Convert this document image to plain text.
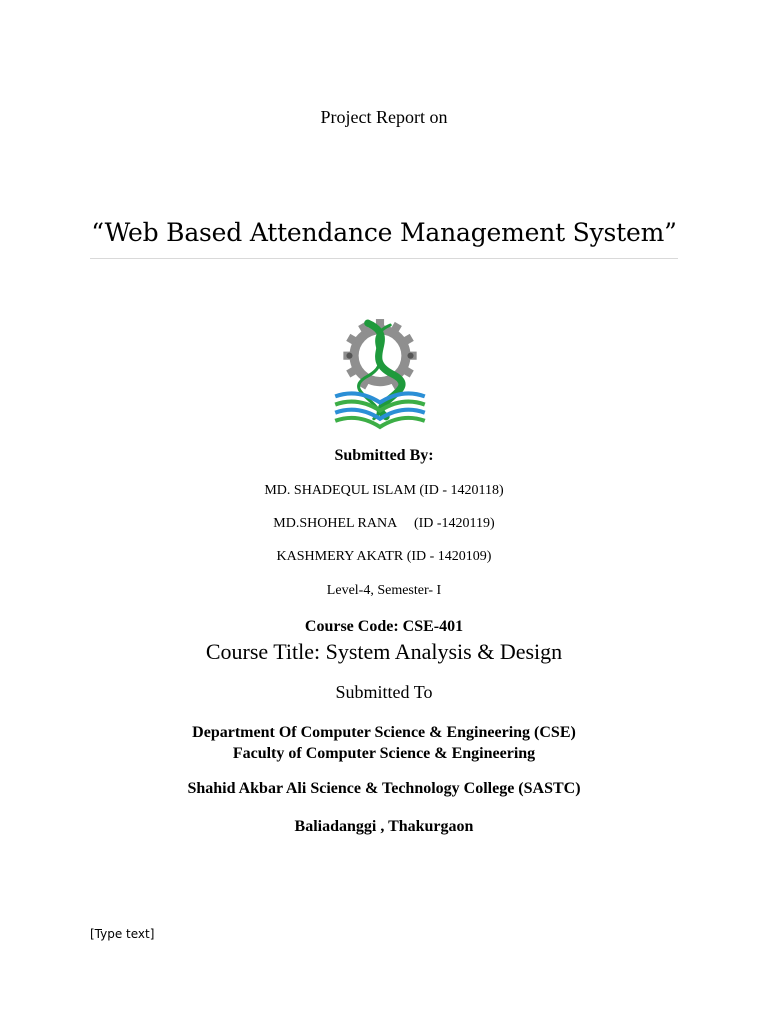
Project Report on

“Web Based Attendance Management System”

Submitted By:

MD. SHADEQUL ISLAM (ID - 1420118)

MD.SHOHEL RANA     (ID -1420119)

KASHMERY AKATR (ID - 1420109)

Level-4, Semester- I

Course Code: CSE-401

Course Title: System Analysis & Design

Submitted To

Department Of Computer Science & Engineering (CSE)
Faculty of Computer Science & Engineering

Shahid Akbar Ali Science & Technology College (SASTC)

Baliadanggi , Thakurgaon

[Type text]
